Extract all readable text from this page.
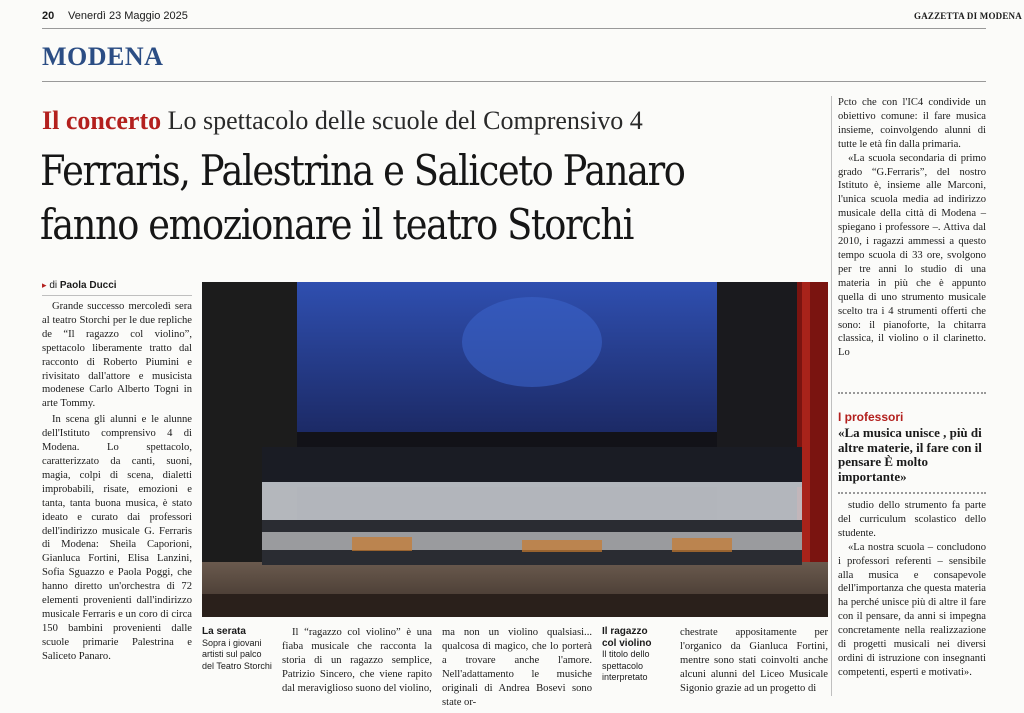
20 Venerdì 23 Maggio 2025	GAZZETTA DI MODENA
MODENA
Il concerto Lo spettacolo delle scuole del Comprensivo 4
Ferraris, Palestrina e Saliceto Panaro
fanno emozionare il teatro Storchi
▸ di Paola Ducci

Grande successo mercoledì sera al teatro Storchi per le due repliche de “Il ragazzo col violino”, spettacolo liberamente tratto dal racconto di Roberto Piumini e rivisitato dall'attore e musicista modenese Carlo Alberto Togni in arte Tommy.

In scena gli alunni e le alunne dell'Istituto comprensivo 4 di Modena. Lo spettacolo, caratterizzato da canti, suoni, magia, colpi di scena, dialetti improbabili, risate, emozioni e tanta, tanta buona musica, è stato ideato e curato dai professori dell'indirizzo musicale G. Ferraris di Modena: Sheila Caporioni, Gianluca Fortini, Elisa Lanzini, Sofia Sguazzo e Paola Poggi, che hanno diretto un'orchestra di 72 elementi provenienti dall'indirizzo musicale Ferraris e un coro di circa 150 bambini provenienti dalle scuole primarie Palestrina e Saliceto Panaro.

La serata
Sopra i giovani artisti sul palco del Teatro Storchi

Il “ragazzo col violino” è una fiaba musicale che racconta la storia di un ragazzo semplice, Patrizio Sincero, che viene rapito dal meraviglioso suono del violino,

ma non un violino qualsiasi... qualcosa di magico, che lo porterà a trovare anche l'amore. Nell'adattamento le musiche originali di Andrea Bosevi sono state or-

Il ragazzo col violino
Il titolo dello spettacolo interpretato

chestrate appositamente per l'organico da Gianluca Fortini, mentre sono stati coinvolti anche alcuni alunni del Liceo Musicale Sigonio grazie ad un progetto di

Pcto che con l'IC4 condivide un obiettivo comune: il fare musica insieme, coinvolgendo alunni di tutte le età fin dalla primaria.

«La scuola secondaria di primo grado “G.Ferraris”, del nostro Istituto è, insieme alle Marconi, l'unica scuola media ad indirizzo musicale della città di Modena – spiegano i professore –. Attiva dal 2010, i ragazzi ammessi a questo tempo scuola di 33 ore, svolgono per tre anni lo studio di una materia in più che è appunto quella di uno strumento musicale scelto tra i 4 strumenti offerti che sono: il pianoforte, la chitarra classica, il violino o il clarinetto. Lo

I professori
«La musica unisce , più di altre materie, il fare con il pensare È molto importante»

studio dello strumento fa parte del curriculum scolastico dello studente.

«La nostra scuola – concludono i professori referenti – sensibile alla musica e consapevole dell'importanza che questa materia ha perché unisce più di altre il fare con il pensare, da anni si impegna concretamente nella realizzazione di progetti musicali nei diversi ordini di istruzione con insegnanti competenti, esperti e motivati».
